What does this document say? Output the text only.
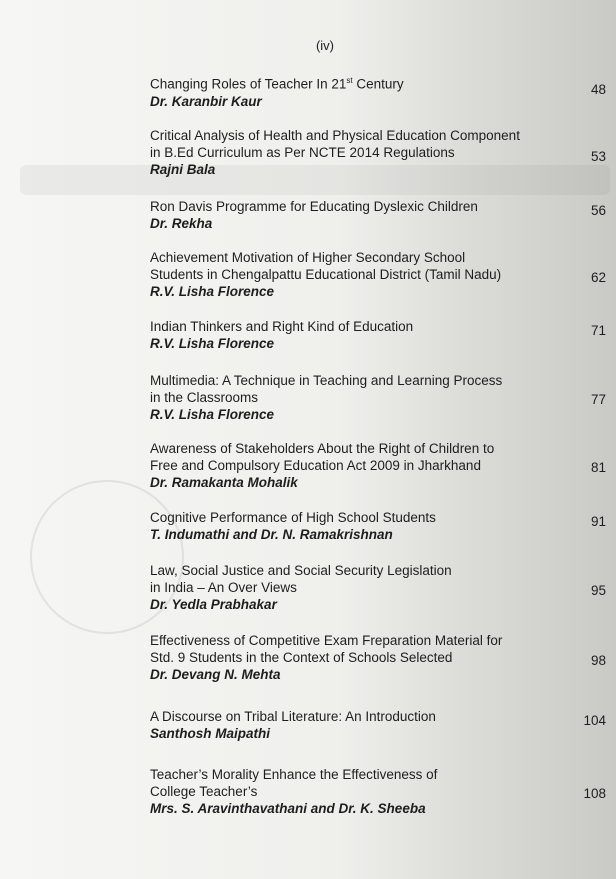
(iv)
Changing Roles of Teacher In 21st Century
Dr. Karanbir Kaur
48
Critical Analysis of Health and Physical Education Component
in B.Ed Curriculum as Per NCTE 2014 Regulations
Rajni Bala
53
Ron Davis Programme for Educating Dyslexic Children
Dr. Rekha
56
Achievement Motivation of Higher Secondary School
Students in Chengalpattu Educational District (Tamil Nadu)
R.V. Lisha Florence
62
Indian Thinkers and Right Kind of Education
R.V. Lisha Florence
71
Multimedia: A Technique in Teaching and Learning Process
in the Classrooms
R.V. Lisha Florence
77
Awareness of Stakeholders About the Right of Children to
Free and Compulsory Education Act 2009 in Jharkhand
Dr. Ramakanta Mohalik
81
Cognitive Performance of High School Students
T. Indumathi and Dr. N. Ramakrishnan
91
Law, Social Justice and Social Security Legislation
in India – An Over Views
Dr. Yedla Prabhakar
95
Effectiveness of Competitive Exam Freparation Material for
Std. 9 Students in the Context of Schools Selected
Dr. Devang N. Mehta
98
A Discourse on Tribal Literature: An Introduction
Santhosh Maipathi
104
Teacher’s Morality Enhance the Effectiveness of
College Teacher’s
Mrs. S. Aravinthavathani and Dr. K. Sheeba
108
